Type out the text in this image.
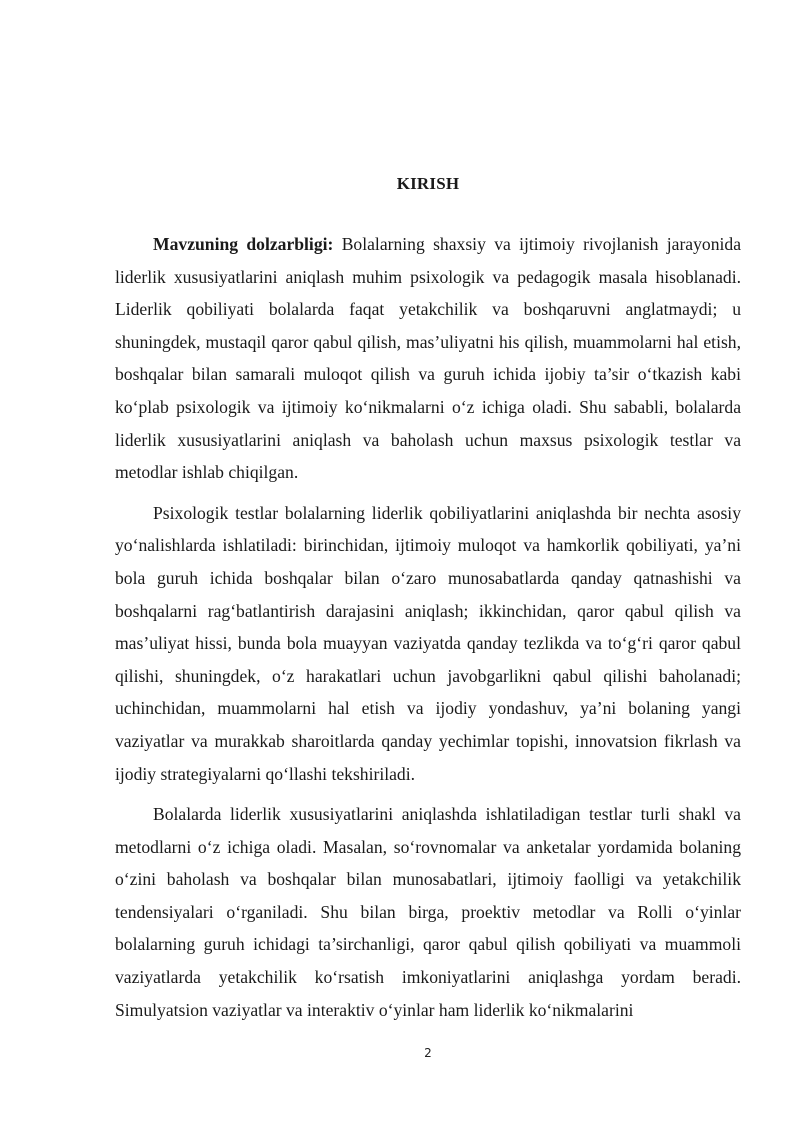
KIRISH

Mavzuning dolzarbligi: Bolalarning shaxsiy va ijtimoiy rivojlanish jarayonida liderlik xususiyatlarini aniqlash muhim psixologik va pedagogik masala hisoblanadi. Liderlik qobiliyati bolalarda faqat yetakchilik va boshqaruvni anglatmaydi; u shuningdek, mustaqil qaror qabul qilish, mas’uliyatni his qilish, muammolarni hal etish, boshqalar bilan samarali muloqot qilish va guruh ichida ijobiy ta’sir o‘tkazish kabi ko‘plab psixologik va ijtimoiy ko‘nikmalarni o‘z ichiga oladi. Shu sababli, bolalarda liderlik xususiyatlarini aniqlash va baholash uchun maxsus psixologik testlar va metodlar ishlab chiqilgan.

Psixologik testlar bolalarning liderlik qobiliyatlarini aniqlashda bir nechta asosiy yo‘nalishlarda ishlatiladi: birinchidan, ijtimoiy muloqot va hamkorlik qobiliyati, ya’ni bola guruh ichida boshqalar bilan o‘zaro munosabatlarda qanday qatnashishi va boshqalarni rag‘batlantirish darajasini aniqlash; ikkinchidan, qaror qabul qilish va mas’uliyat hissi, bunda bola muayyan vaziyatda qanday tezlikda va to‘g‘ri qaror qabul qilishi, shuningdek, o‘z harakatlari uchun javobgarlikni qabul qilishi baholanadi; uchinchidan, muammolarni hal etish va ijodiy yondashuv, ya’ni bolaning yangi vaziyatlar va murakkab sharoitlarda qanday yechimlar topishi, innovatsion fikrlash va ijodiy strategiyalarni qo‘llashi tekshiriladi.

Bolalarda liderlik xususiyatlarini aniqlashda ishlatiladigan testlar turli shakl va metodlarni o‘z ichiga oladi. Masalan, so‘rovnomalar va anketalar yordamida bolaning o‘zini baholash va boshqalar bilan munosabatlari, ijtimoiy faolligi va yetakchilik tendensiyalari o‘rganiladi. Shu bilan birga, proektiv metodlar va Rolli o‘yinlar bolalarning guruh ichidagi ta’sirchanligi, qaror qabul qilish qobiliyati va muammoli vaziyatlarda yetakchilik ko‘rsatish imkoniyatlarini aniqlashga yordam beradi. Simulyatsion vaziyatlar va interaktiv o‘yinlar ham liderlik ko‘nikmalarini

2
